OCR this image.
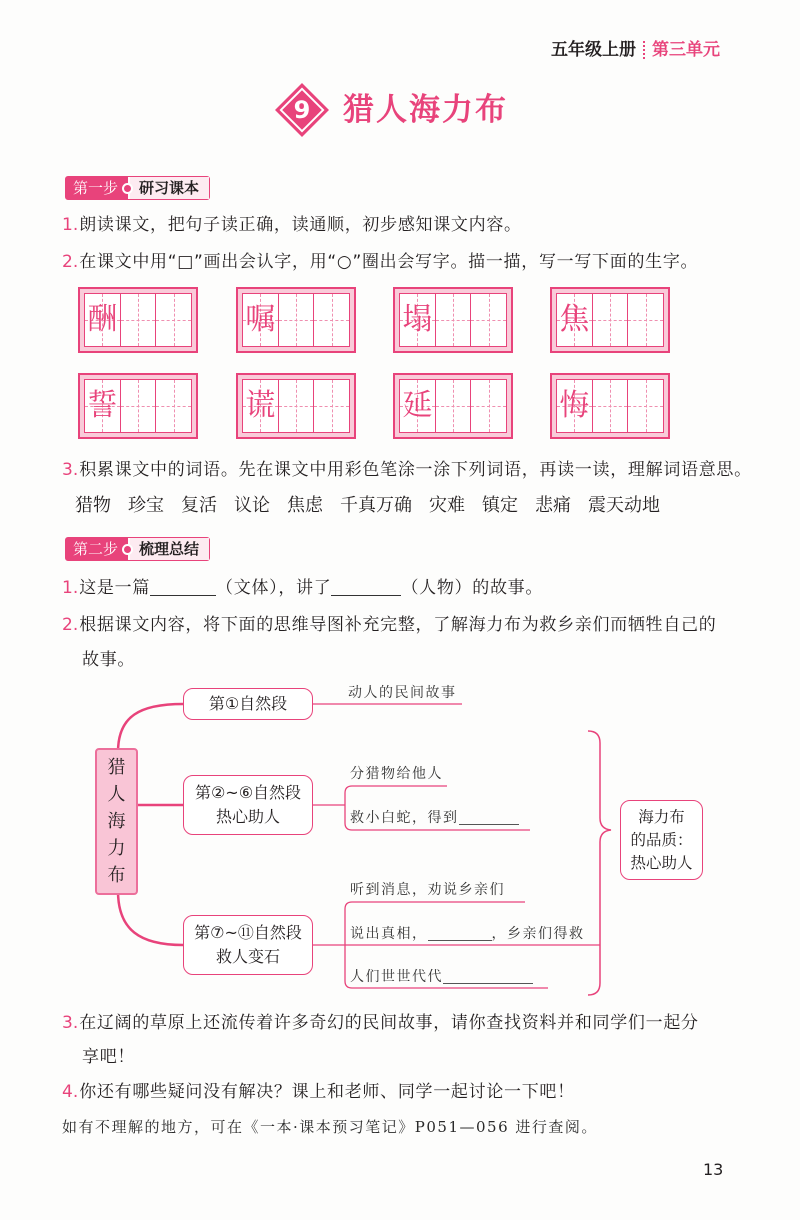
五年级上册 第三单元
9	猎人海力布
第一步	研习课本
1.朗读课文，把句子读正确，读通顺，初步感知课文内容。
2.在课文中用“□”画出会认字，用“○”圈出会写字。描一描，写一写下面的生字。
酬	嘱	塌	焦
誓	谎	延	悔
3.积累课文中的词语。先在课文中用彩色笔涂一涂下列词语，再读一读，理解词语意思。
猎物 珍宝 复活 议论 焦虑 千真万确 灾难 镇定 悲痛 震天动地
第二步	梳理总结
1.这是一篇	（文体），讲了	（人物）的故事。
2.根据课文内容，将下面的思维导图补充完整，了解海力布为救乡亲们而牺牲自己的
故事。
猎人海力布
第①自然段
第②~⑥自然段
热心助人
第⑦~⑪自然段
救人变石
动人的民间故事
分猎物给他人
救小白蛇，得到
听到消息，劝说乡亲们
说出真相，	，乡亲们得救
人们世世代代
海力布
的品质：
热心助人
3.在辽阔的草原上还流传着许多奇幻的民间故事，请你查找资料并和同学们一起分
享吧！
4.你还有哪些疑问没有解决？课上和老师、同学一起讨论一下吧！
如有不理解的地方，可在《一本·课本预习笔记》P051—056 进行查阅。
13
